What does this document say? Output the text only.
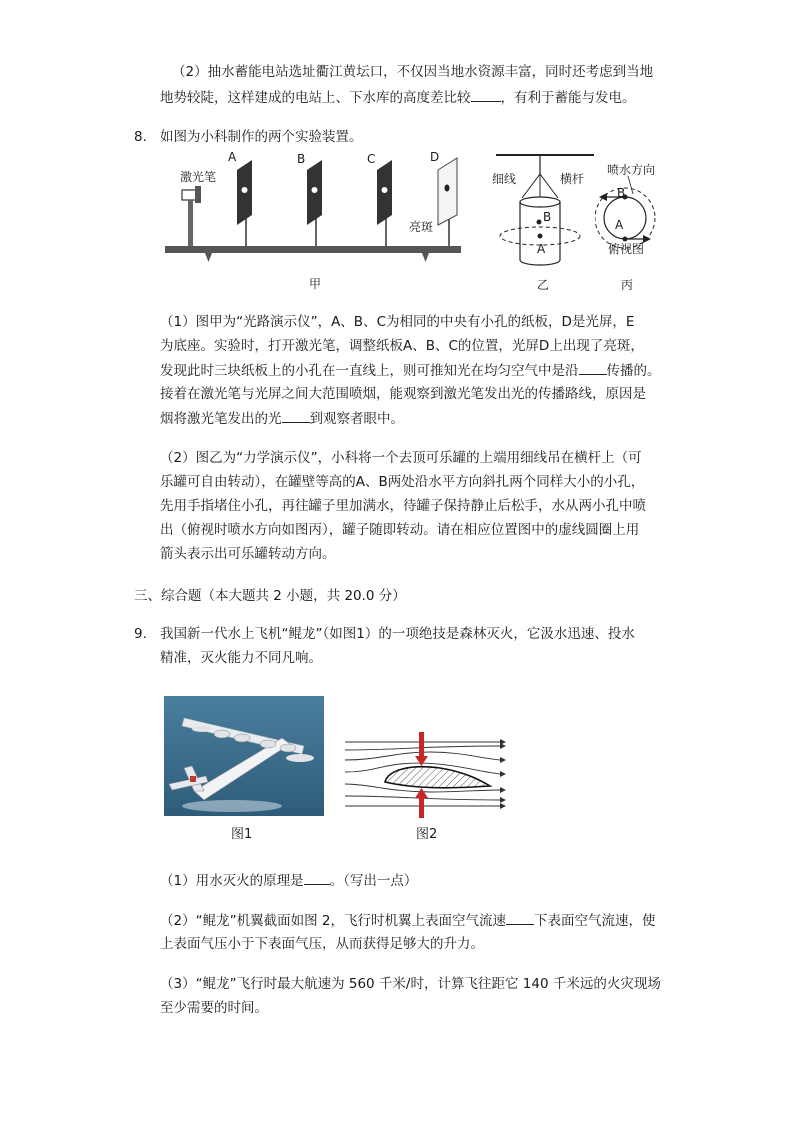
（2）抽水蓄能电站选址衢江黄坛口，不仅因当地水资源丰富，同时还考虑到当地
地势较陡，这样建成的电站上、下水库的高度差比较 ，有利于蓄能与发电。
8. 如图为小科制作的两个实验装置。
激光笔
A	B	C	D
亮斑
甲
细线	横杆
B
A
乙
喷水方向
B
A
俯视图
丙
（1）图甲为“光路演示仪”，A、B、C为相同的中央有小孔的纸板，D是光屏，E
为底座。实验时，打开激光笔，调整纸板A、B、C的位置，光屏D上出现了亮斑，
发现此时三块纸板上的小孔在一直线上，则可推知光在均匀空气中是沿 传播的。
接着在激光笔与光屏之间大范围喷烟，能观察到激光笔发出光的传播路线，原因是
烟将激光笔发出的光 到观察者眼中。
（2）图乙为“力学演示仪”，小科将一个去顶可乐罐的上端用细线吊在横杆上（可
乐罐可自由转动），在罐壁等高的A、B两处沿水平方向斜扎两个同样大小的小孔，
先用手指堵住小孔，再往罐子里加满水，待罐子保持静止后松手，水从两小孔中喷
出（俯视时喷水方向如图丙），罐子随即转动。请在相应位置图中的虚线圆圈上用
箭头表示出可乐罐转动方向。
三、综合题（本大题共 2 小题，共 20.0 分）
9. 我国新一代水上飞机“鲲龙”（如图1）的一项绝技是森林灭火，它汲水迅速、投水
精准，灭火能力不同凡响。
图1	图2
（1）用水灭火的原理是 。（写出一点）
（2）“鲲龙”机翼截面如图 2，飞行时机翼上表面空气流速 下表面空气流速，使
上表面气压小于下表面气压，从而获得足够大的升力。
（3）“鲲龙”飞行时最大航速为 560 千米/时，计算飞往距它 140 千米远的火灾现场
至少需要的时间。
